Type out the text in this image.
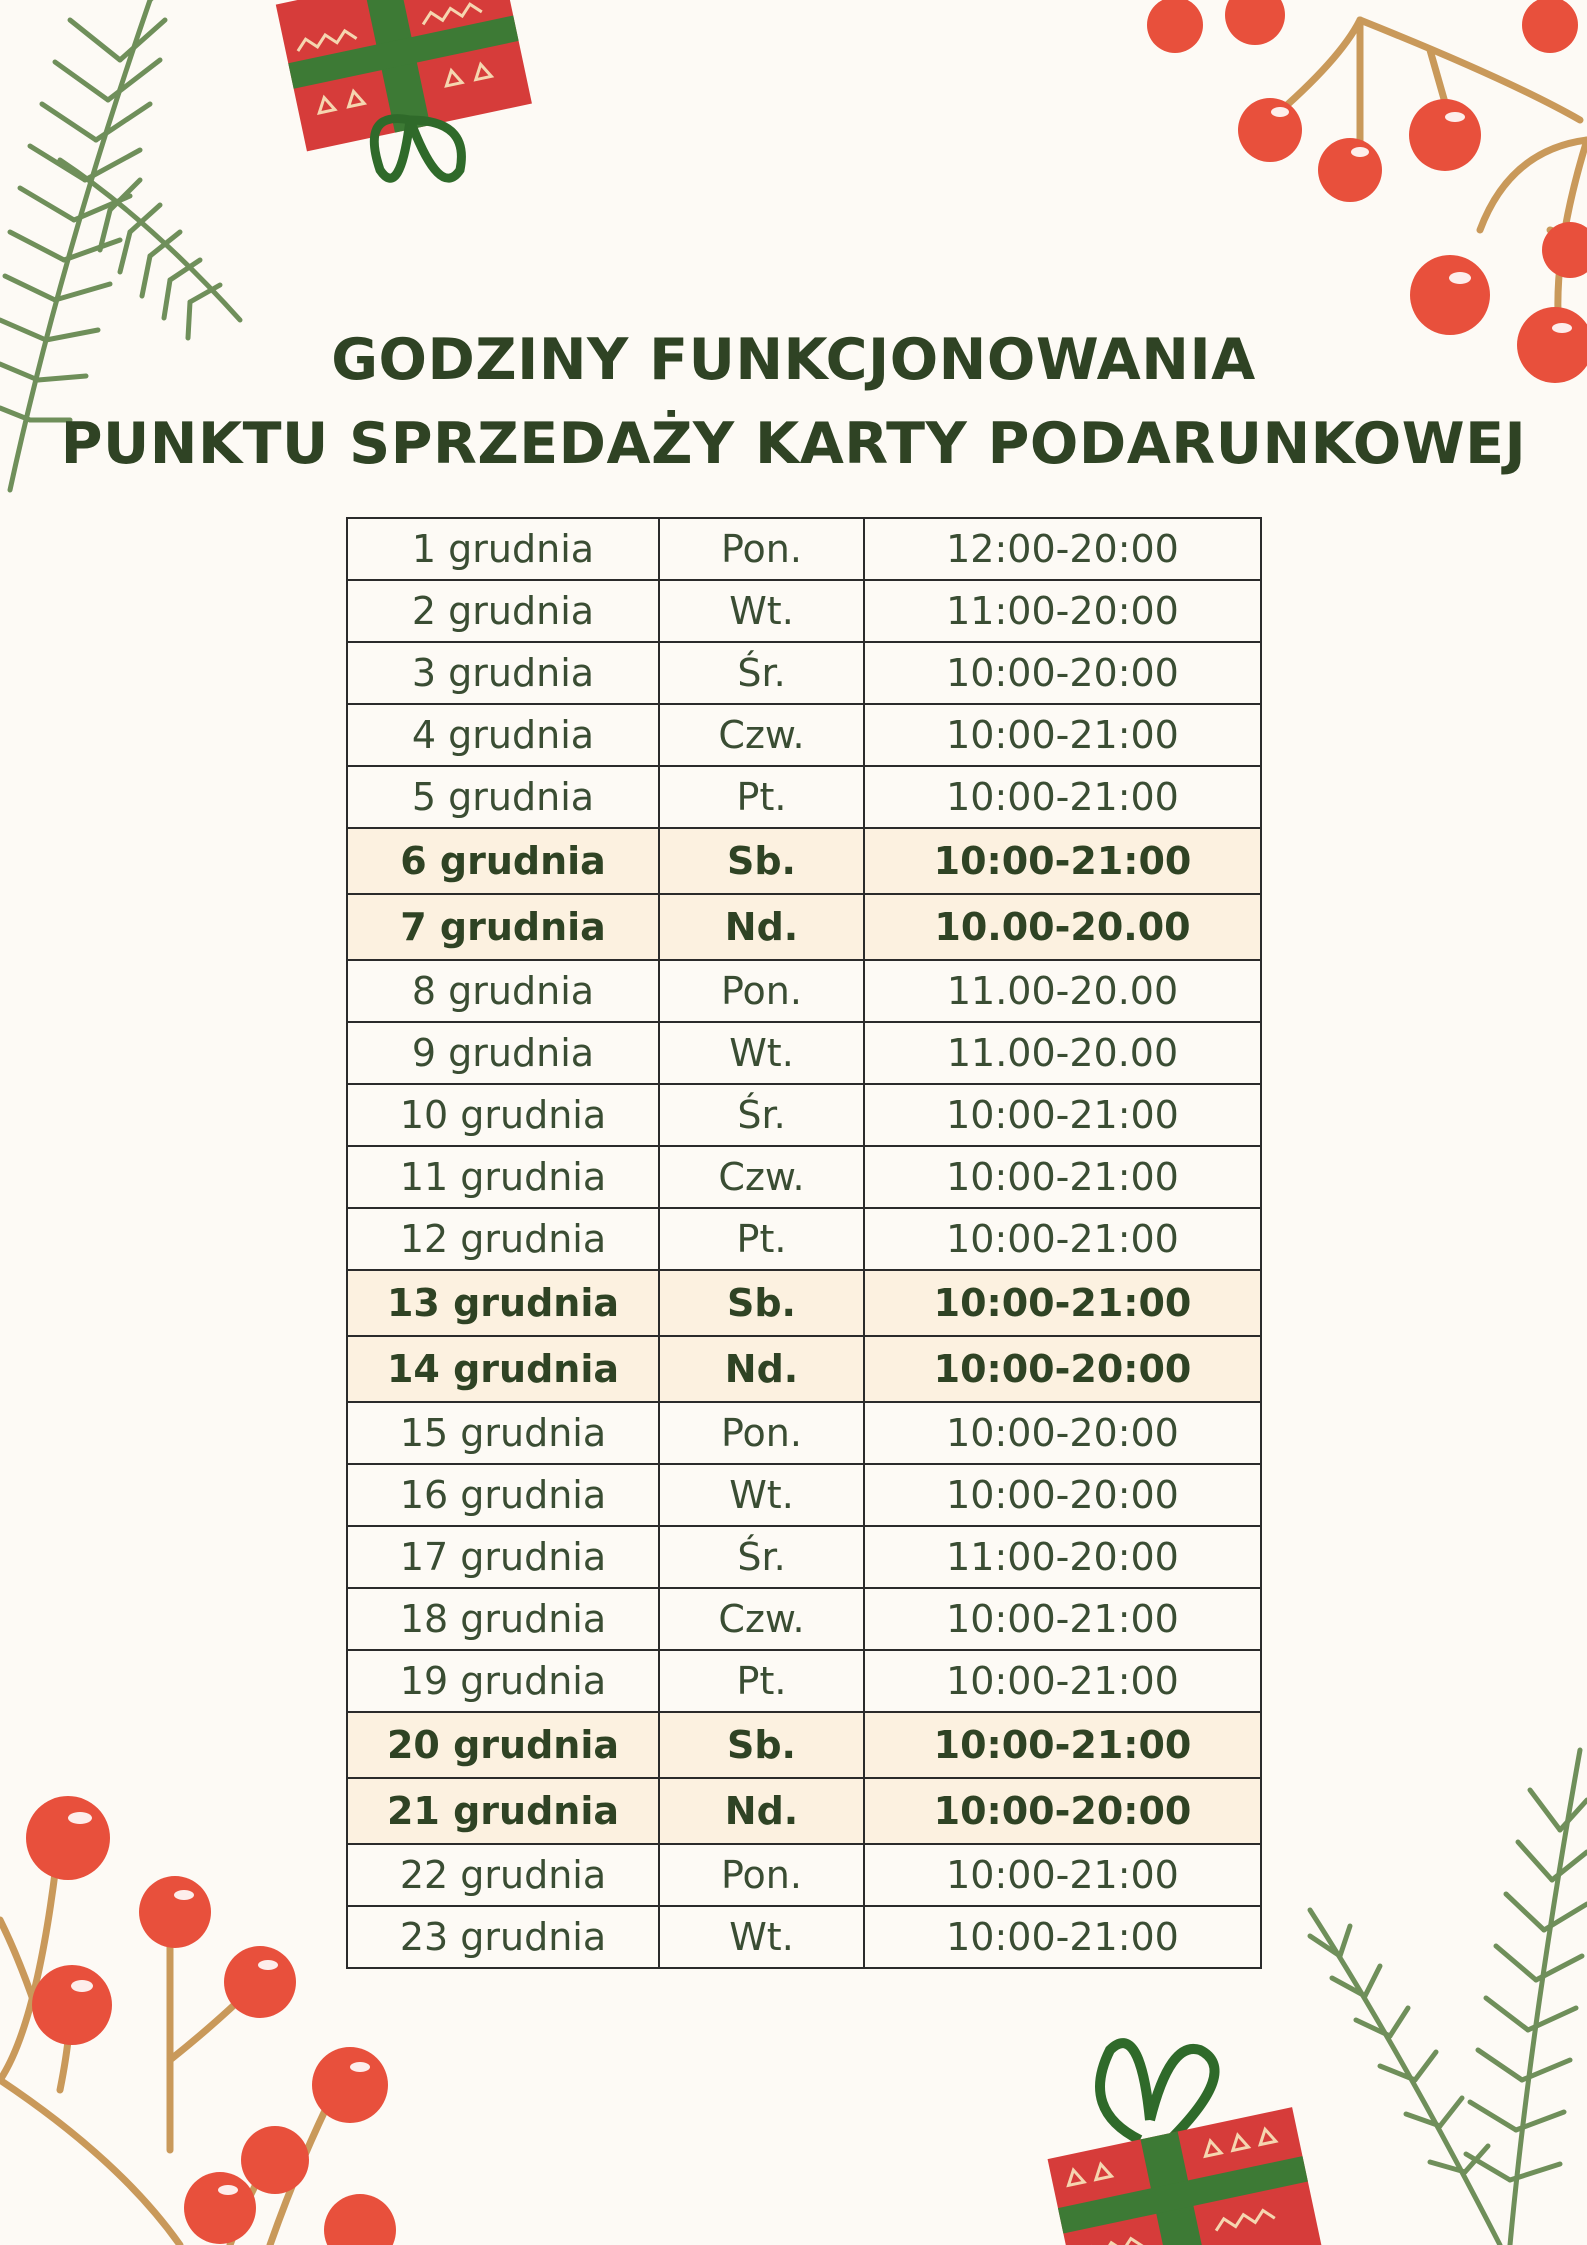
GODZINY FUNKCJONOWANIA
PUNKTU SPRZEDAŻY KARTY PODARUNKOWEJ
1 grudnia	Pon.	12:00-20:00
2 grudnia	Wt.	11:00-20:00
3 grudnia	Śr.	10:00-20:00
4 grudnia	Czw.	10:00-21:00
5 grudnia	Pt.	10:00-21:00
6 grudnia	Sb.	10:00-21:00
7 grudnia	Nd.	10.00-20.00
8 grudnia	Pon.	11.00-20.00
9 grudnia	Wt.	11.00-20.00
10 grudnia	Śr.	10:00-21:00
11 grudnia	Czw.	10:00-21:00
12 grudnia	Pt.	10:00-21:00
13 grudnia	Sb.	10:00-21:00
14 grudnia	Nd.	10:00-20:00
15 grudnia	Pon.	10:00-20:00
16 grudnia	Wt.	10:00-20:00
17 grudnia	Śr.	11:00-20:00
18 grudnia	Czw.	10:00-21:00
19 grudnia	Pt.	10:00-21:00
20 grudnia	Sb.	10:00-21:00
21 grudnia	Nd.	10:00-20:00
22 grudnia	Pon.	10:00-21:00
23 grudnia	Wt.	10:00-21:00
